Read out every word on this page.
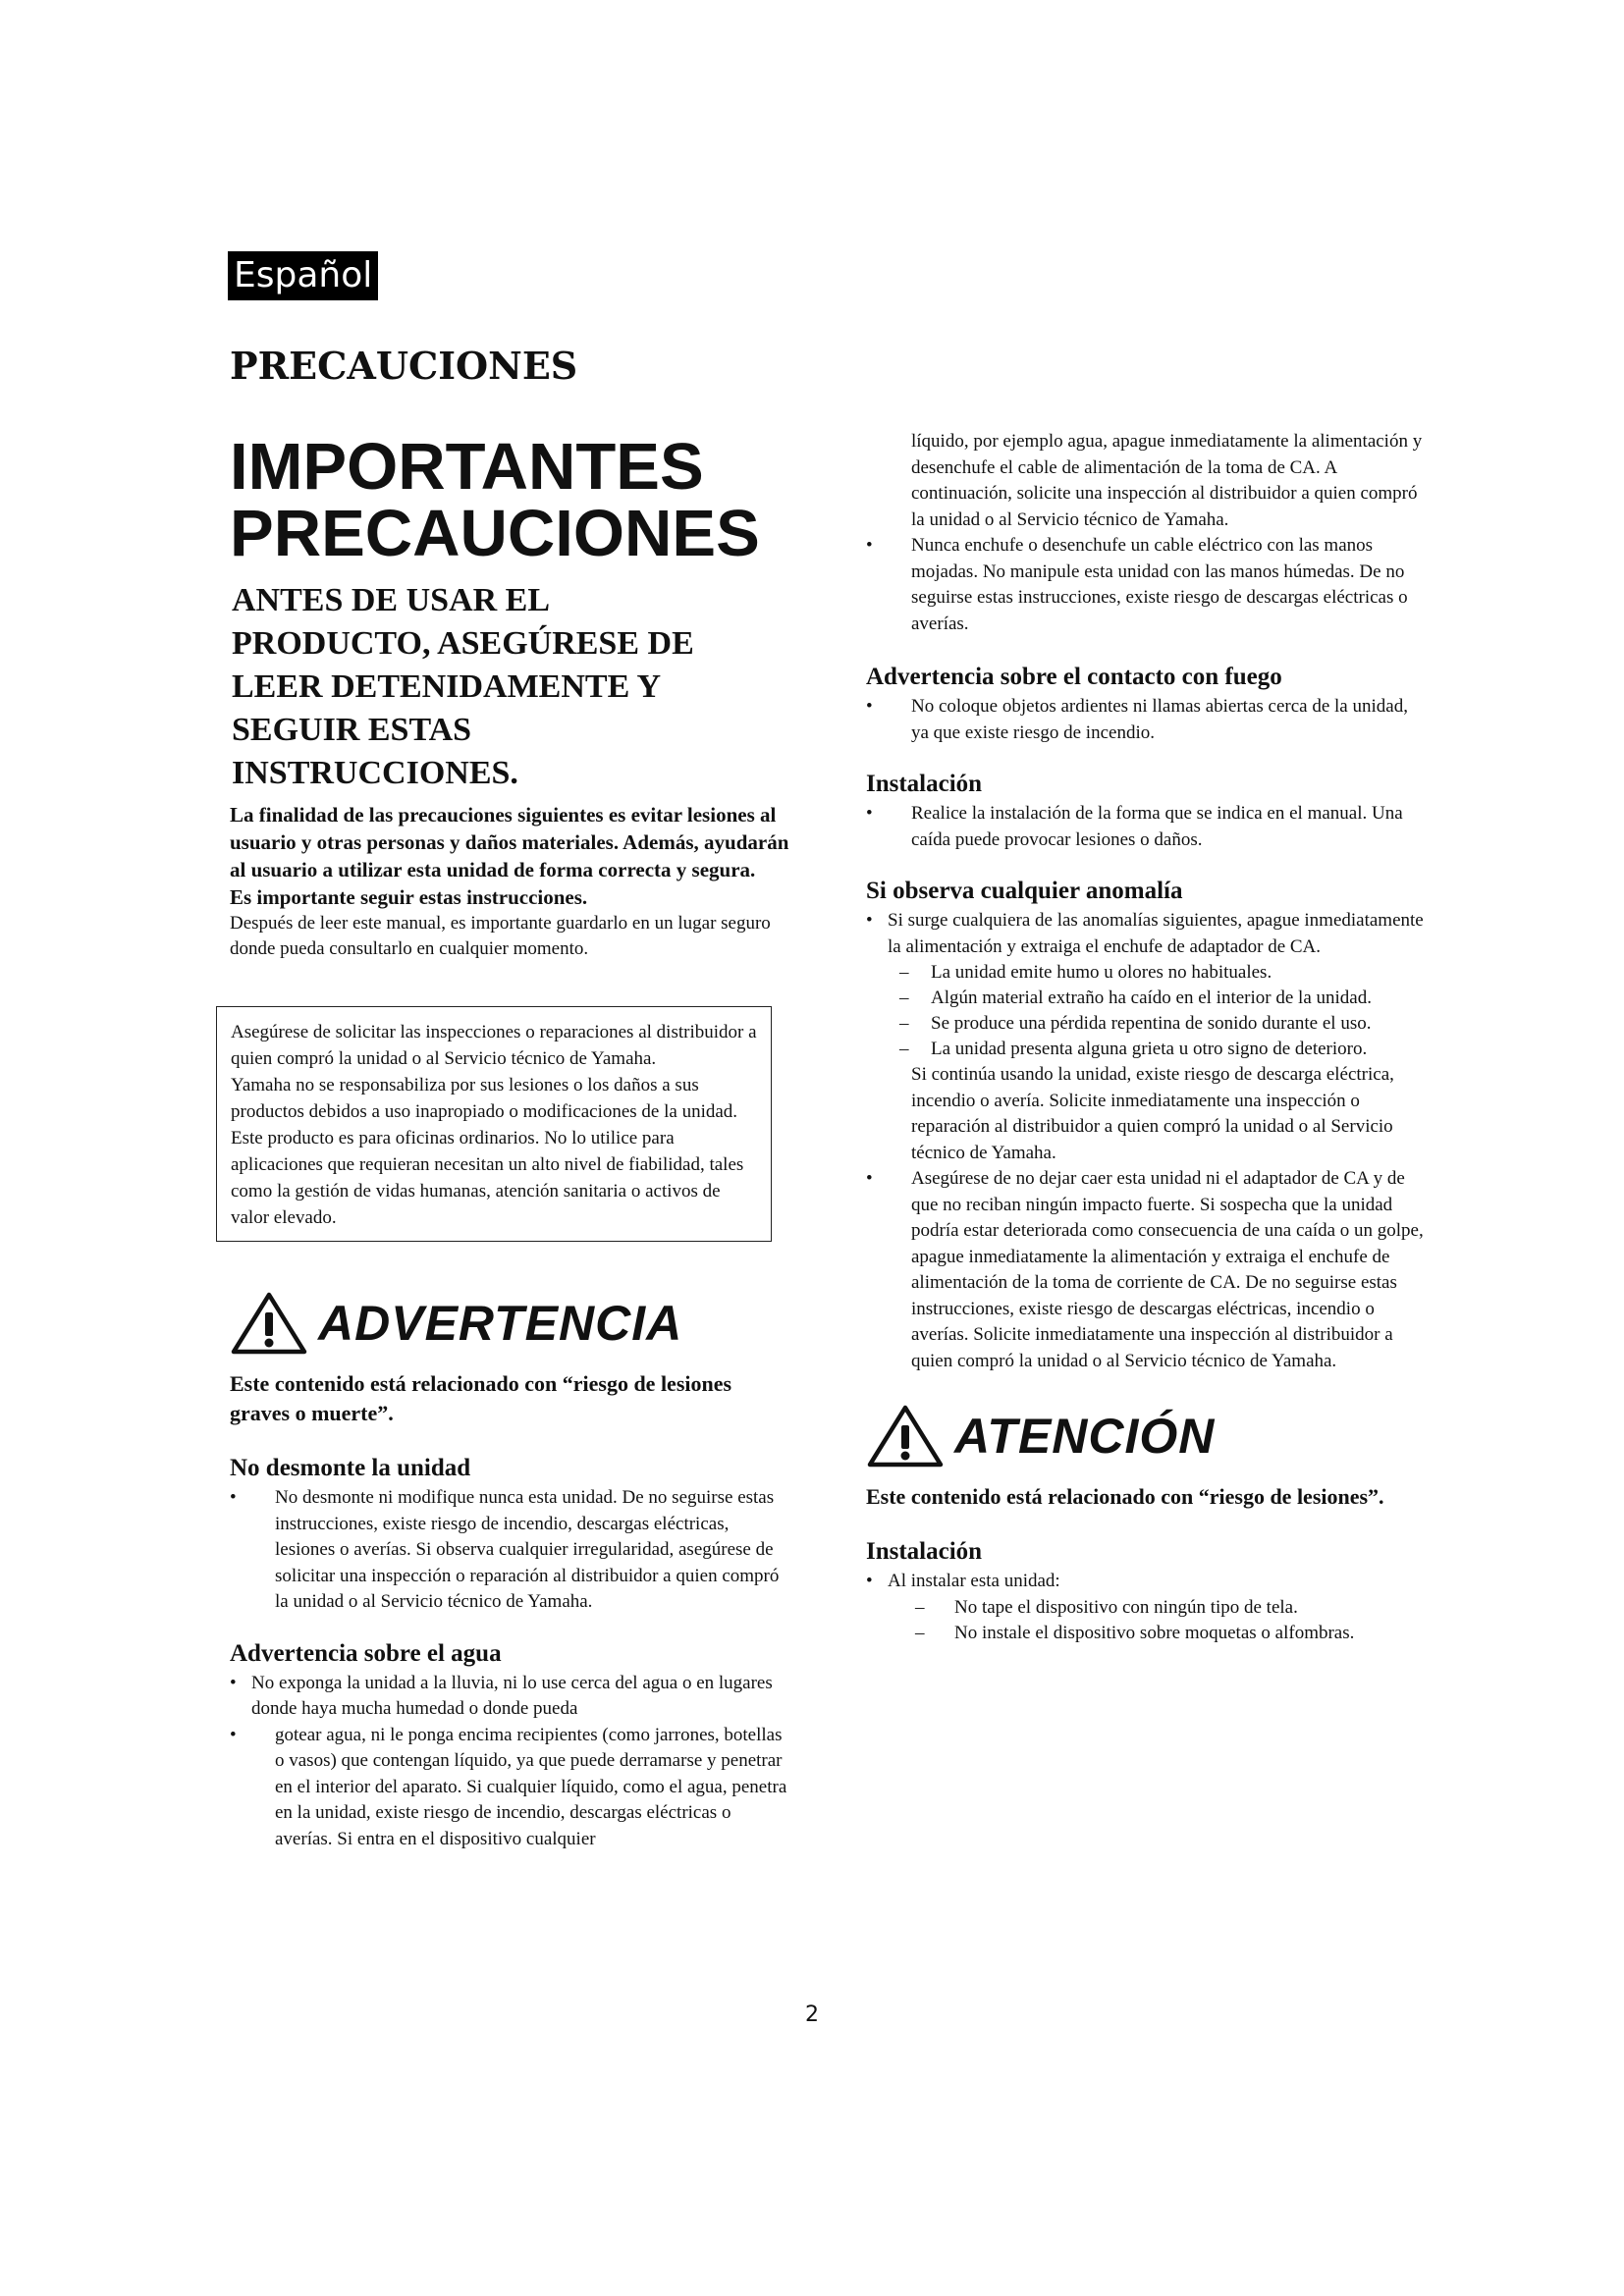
Español
PRECAUCIONES
IMPORTANTES
PRECAUCIONES

ANTES DE USAR EL PRODUCTO, ASEGÚRESE DE LEER DETENIDAMENTE Y SEGUIR ESTAS INSTRUCCIONES.

La finalidad de las precauciones siguientes es evitar lesiones al usuario y otras personas y daños materiales. Además, ayudarán al usuario a utilizar esta unidad de forma correcta y segura.

Es importante seguir estas instrucciones.

Después de leer este manual, es importante guardarlo en un lugar seguro donde pueda consultarlo en cualquier momento.

Asegúrese de solicitar las inspecciones o reparaciones al distribuidor a quien compró la unidad o al Servicio técnico de Yamaha.

Yamaha no se responsabiliza por sus lesiones o los daños a sus productos debidos a uso inapropiado o modificaciones de la unidad.

Este producto es para oficinas ordinarios. No lo utilice para aplicaciones que requieran necesitan un alto nivel de fiabilidad, tales como la gestión de vidas humanas, atención sanitaria o activos de valor elevado.

ADVERTENCIA

Este contenido está relacionado con “riesgo de lesiones graves o muerte”.

No desmonte la unidad

• No desmonte ni modifique nunca esta unidad. De no seguirse estas instrucciones, existe riesgo de incendio, descargas eléctricas, lesiones o averías. Si observa cualquier irregularidad, asegúrese de solicitar una inspección o reparación al distribuidor a quien compró la unidad o al Servicio técnico de Yamaha.

Advertencia sobre el agua

• No exponga la unidad a la lluvia, ni lo use cerca del agua o en lugares donde haya mucha humedad o donde pueda

• gotear agua, ni le ponga encima recipientes (como jarrones, botellas o vasos) que contengan líquido, ya que puede derramarse y penetrar en el interior del aparato. Si cualquier líquido, como el agua, penetra en la unidad, existe riesgo de incendio, descargas eléctricas o averías. Si entra en el dispositivo cualquier

líquido, por ejemplo agua, apague inmediatamente la alimentación y desenchufe el cable de alimentación de la toma de CA. A continuación, solicite una inspección al distribuidor a quien compró la unidad o al Servicio técnico de Yamaha.

• Nunca enchufe o desenchufe un cable eléctrico con las manos mojadas. No manipule esta unidad con las manos húmedas. De no seguirse estas instrucciones, existe riesgo de descargas eléctricas o averías.

Advertencia sobre el contacto con fuego

• No coloque objetos ardientes ni llamas abiertas cerca de la unidad, ya que existe riesgo de incendio.

Instalación

• Realice la instalación de la forma que se indica en el manual. Una caída puede provocar lesiones o daños.

Si observa cualquier anomalía

• Si surge cualquiera de las anomalías siguientes, apague inmediatamente la alimentación y extraiga el enchufe de adaptador de CA.

– La unidad emite humo u olores no habituales.

– Algún material extraño ha caído en el interior de la unidad.

– Se produce una pérdida repentina de sonido durante el uso.

– La unidad presenta alguna grieta u otro signo de deterioro.

Si continúa usando la unidad, existe riesgo de descarga eléctrica, incendio o avería. Solicite inmediatamente una inspección o reparación al distribuidor a quien compró la unidad o al Servicio técnico de Yamaha.

• Asegúrese de no dejar caer esta unidad ni el adaptador de CA y de que no reciban ningún impacto fuerte. Si sospecha que la unidad podría estar deteriorada como consecuencia de una caída o un golpe, apague inmediatamente la alimentación y extraiga el enchufe de alimentación de la toma de corriente de CA. De no seguirse estas instrucciones, existe riesgo de descargas eléctricas, incendio o averías. Solicite inmediatamente una inspección al distribuidor a quien compró la unidad o al Servicio técnico de Yamaha.

ATENCIÓN

Este contenido está relacionado con “riesgo de lesiones”.

Instalación

• Al instalar esta unidad:

– No tape el dispositivo con ningún tipo de tela.

– No instale el dispositivo sobre moquetas o alfombras.

2
